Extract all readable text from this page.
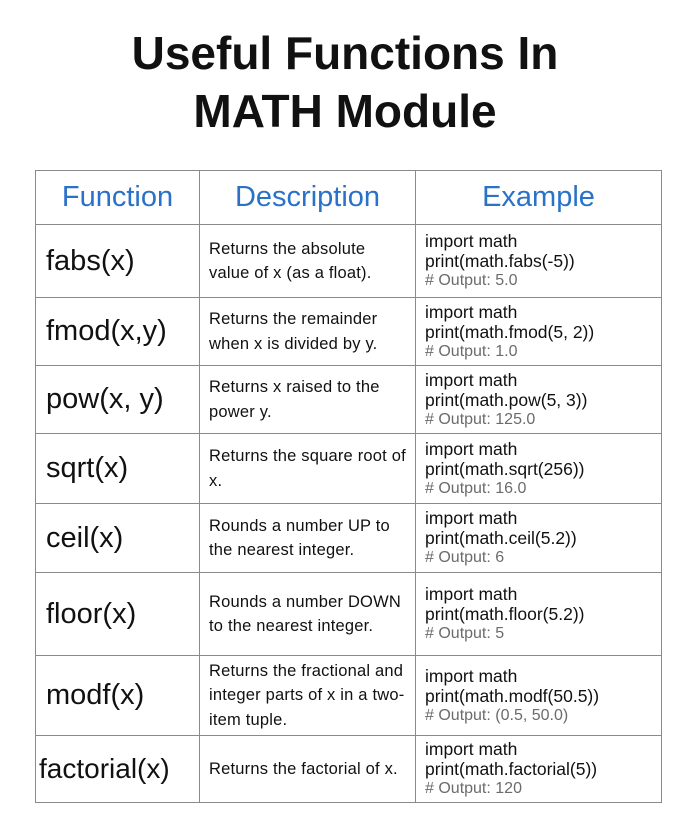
Useful Functions In
MATH Module
Function	Description	Example
fabs(x)	Returns the absolute value of x (as a float).	import math
print(math.fabs(-5))
# Output: 5.0

fmod(x,y)	Returns the remainder when x is divided by y.	import math
print(math.fmod(5, 2))
# Output: 1.0

pow(x, y)	Returns x raised to the power y.	import math
print(math.pow(5, 3))
# Output: 125.0

sqrt(x)	Returns the square root of x.	import math
print(math.sqrt(256))
# Output: 16.0

ceil(x)	Rounds a number UP to the nearest integer.	import math
print(math.ceil(5.2))
# Output: 6

floor(x)	Rounds a number DOWN to the nearest integer.	import math
print(math.floor(5.2))
# Output: 5

modf(x)	Returns the fractional and integer parts of x in a two-item tuple.	import math
print(math.modf(50.5))
# Output: (0.5, 50.0)

factorial(x)	Returns the factorial of x.	import math
print(math.factorial(5))
# Output: 120
